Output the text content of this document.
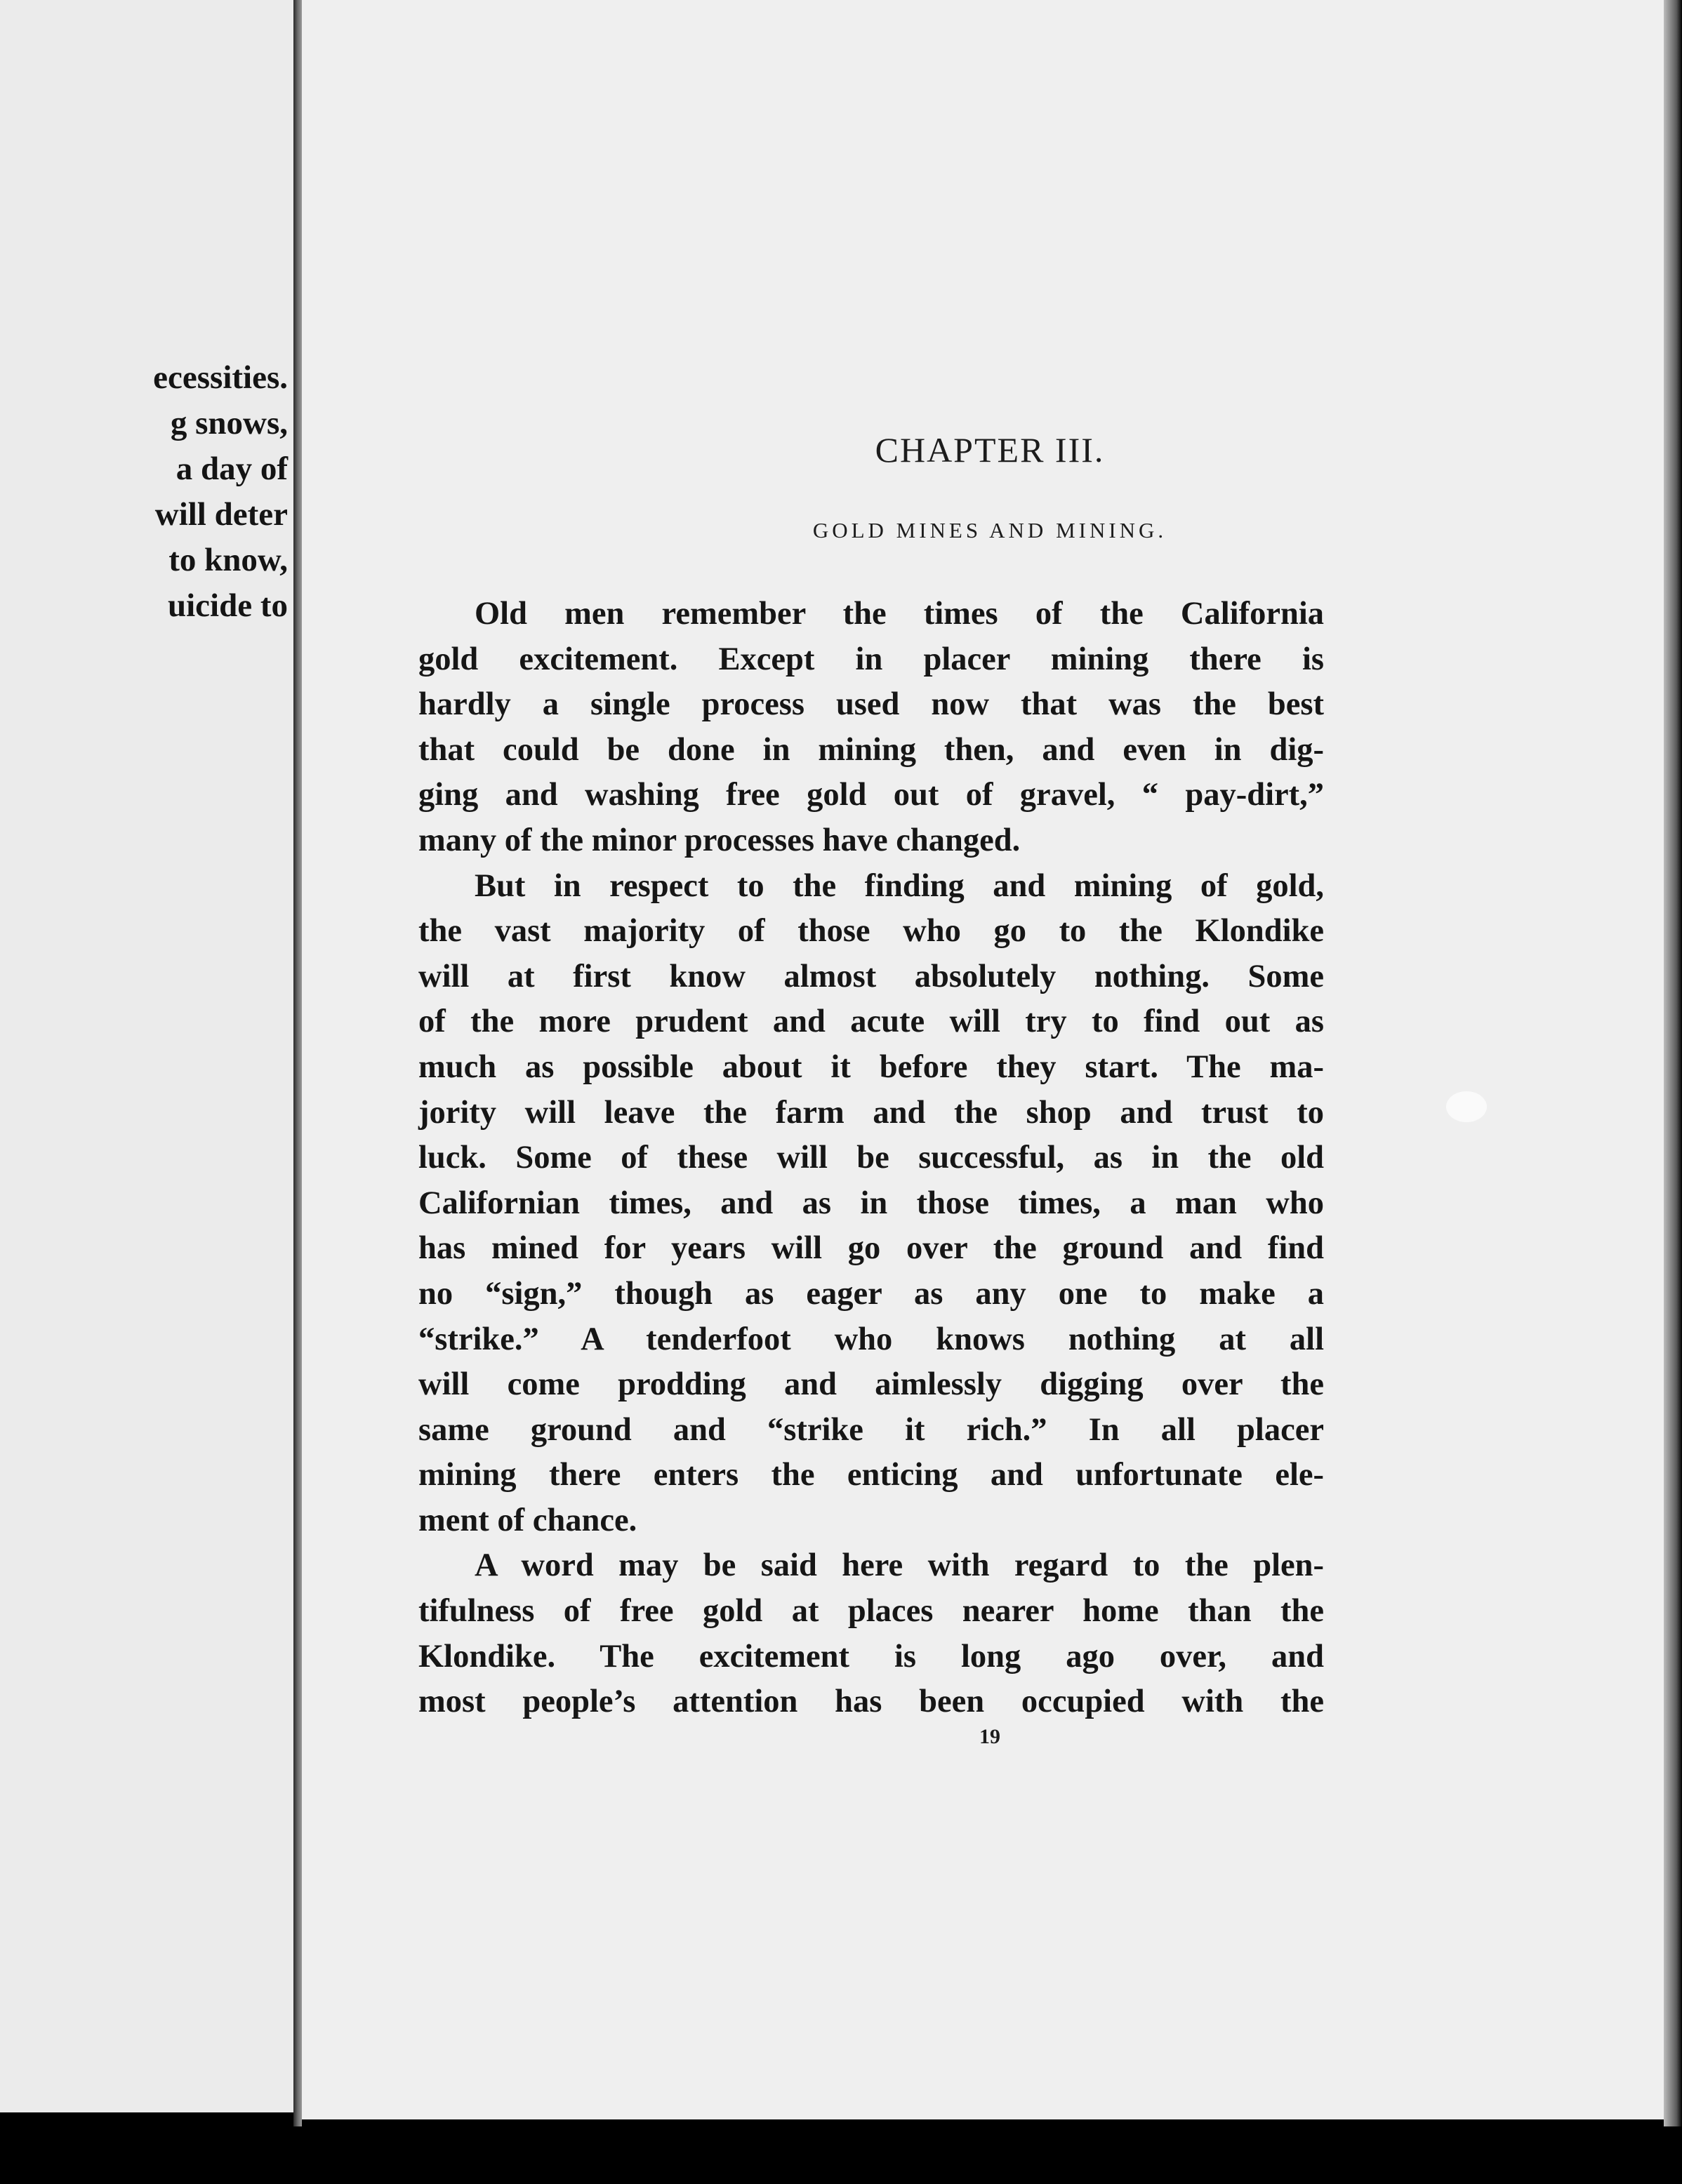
ecessities.
g snows,
a day of
will deter
to know,
uicide to
CHAPTER III.
GOLD MINES AND MINING.
Old men remember the times of the California
gold excitement. Except in placer mining there is
hardly a single process used now that was the best
that could be done in mining then, and even in dig-
ging and washing free gold out of gravel, “ pay-dirt,”
many of the minor processes have changed.
But in respect to the finding and mining of gold,
the vast majority of those who go to the Klondike
will at first know almost absolutely nothing. Some
of the more prudent and acute will try to find out as
much as possible about it before they start. The ma-
jority will leave the farm and the shop and trust to
luck. Some of these will be successful, as in the old
Californian times, and as in those times, a man who
has mined for years will go over the ground and find
no “sign,” though as eager as any one to make a
“strike.” A tenderfoot who knows nothing at all
will come prodding and aimlessly digging over the
same ground and “strike it rich.” In all placer
mining there enters the enticing and unfortunate ele-
ment of chance.
A word may be said here with regard to the plen-
tifulness of free gold at places nearer home than the
Klondike. The excitement is long ago over, and
most people’s attention has been occupied with the
19
